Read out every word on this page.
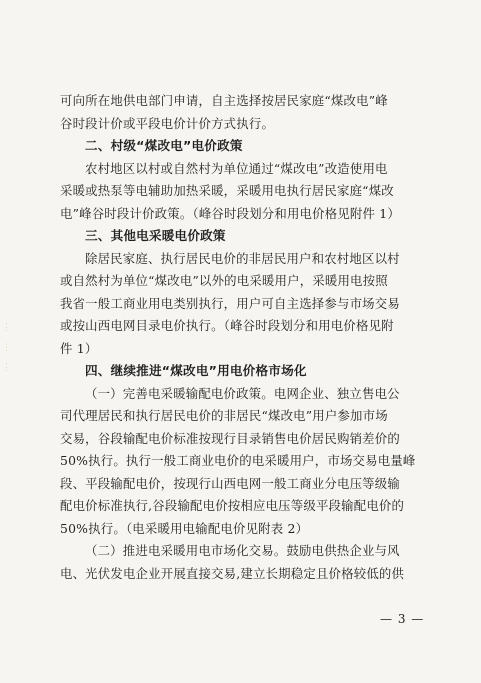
⋮
⋮
⋮
可向所在地供电部门申请，自主选择按居民家庭“煤改电”峰
谷时段计价或平段电价计价方式执行。
二、村级“煤改电”电价政策
农村地区以村或自然村为单位通过“煤改电”改造使用电
采暖或热泵等电辅助加热采暖，采暖用电执行居民家庭“煤改
电”峰谷时段计价政策。（峰谷时段划分和用电价格见附件 1）
三、其他电采暖电价政策
除居民家庭、执行居民电价的非居民用户和农村地区以村
或自然村为单位“煤改电”以外的电采暖用户，采暖用电按照
我省一般工商业用电类别执行，用户可自主选择参与市场交易
或按山西电网目录电价执行。（峰谷时段划分和用电价格见附
件 1）
四、继续推进“煤改电”用电价格市场化
（一）完善电采暖输配电价政策。电网企业、独立售电公
司代理居民和执行居民电价的非居民“煤改电”用户参加市场
交易，谷段输配电价标准按现行目录销售电价居民购销差价的
50%执行。执行一般工商业电价的电采暖用户，市场交易电量峰
段、平段输配电价，按现行山西电网一般工商业分电压等级输
配电价标准执行,谷段输配电价按相应电压等级平段输配电价的
50%执行。（电采暖用电输配电价见附表 2）
（二）推进电采暖用电市场化交易。鼓励电供热企业与风
电、光伏发电企业开展直接交易,建立长期稳定且价格较低的供
— 3 —
